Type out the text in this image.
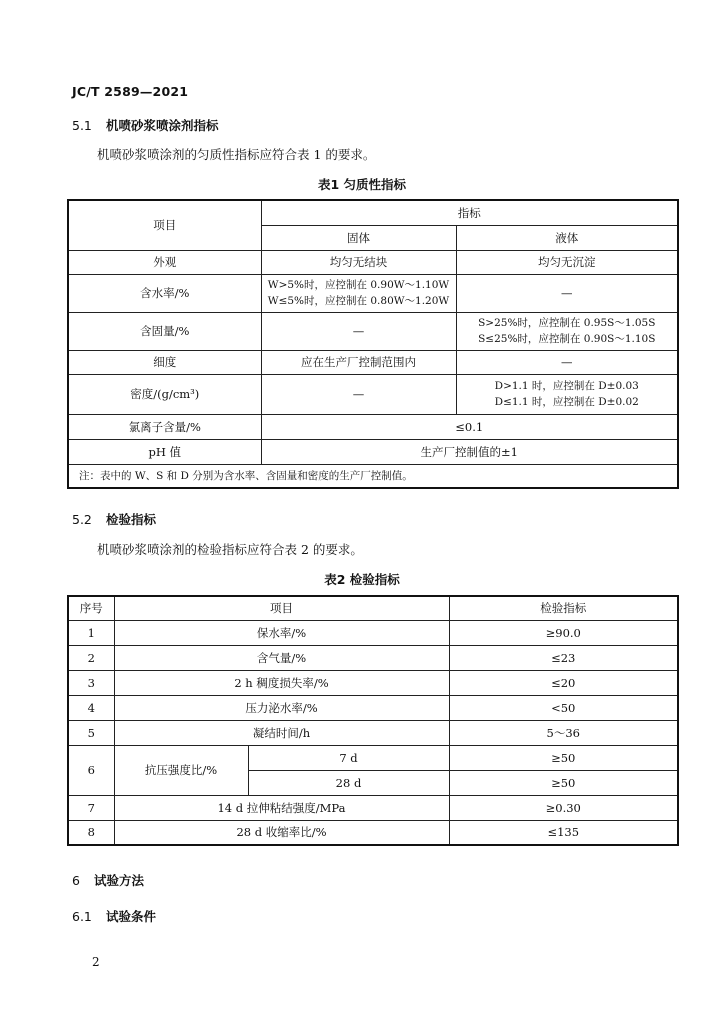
JC/T 2589—2021
5.1 机喷砂浆喷涂剂指标
机喷砂浆喷涂剂的匀质性指标应符合表 1 的要求。
表1 匀质性指标
项目	指标	
	固体	液体
外观	均匀无结块	均匀无沉淀
含水率/%	W>5%时，应控制在 0.90W～1.10W
W≤5%时，应控制在 0.80W～1.20W	—
含固量/%	—	S>25%时，应控制在 0.95S～1.05S
S≤25%时，应控制在 0.90S～1.10S

细度	应在生产厂控制范围内	—
密度/(g/cm³)	—	D>1.1 时，应控制在 D±0.03
D≤1.1 时，应控制在 D±0.02

氯离子含量/%	≤0.1	
pH 值	生产厂控制值的±1	
注：表中的 W、S 和 D 分别为含水率、含固量和密度的生产厂控制值。		
5.2 检验指标
机喷砂浆喷涂剂的检验指标应符合表 2 的要求。
表2 检验指标
序号	项目		检验指标
1	保水率/%		≥90.0
2	含气量/%		≤23
3	2 h 稠度损失率/%		≤20
4	压力泌水率/%		<50
5	凝结时间/h		5～36
6	抗压强度比/%	7 d	≥50
		28 d	≥50
7	14 d 拉伸粘结强度/MPa		≥0.30
8	28 d 收缩率比/%		≤135
6 试验方法
6.1 试验条件
2
